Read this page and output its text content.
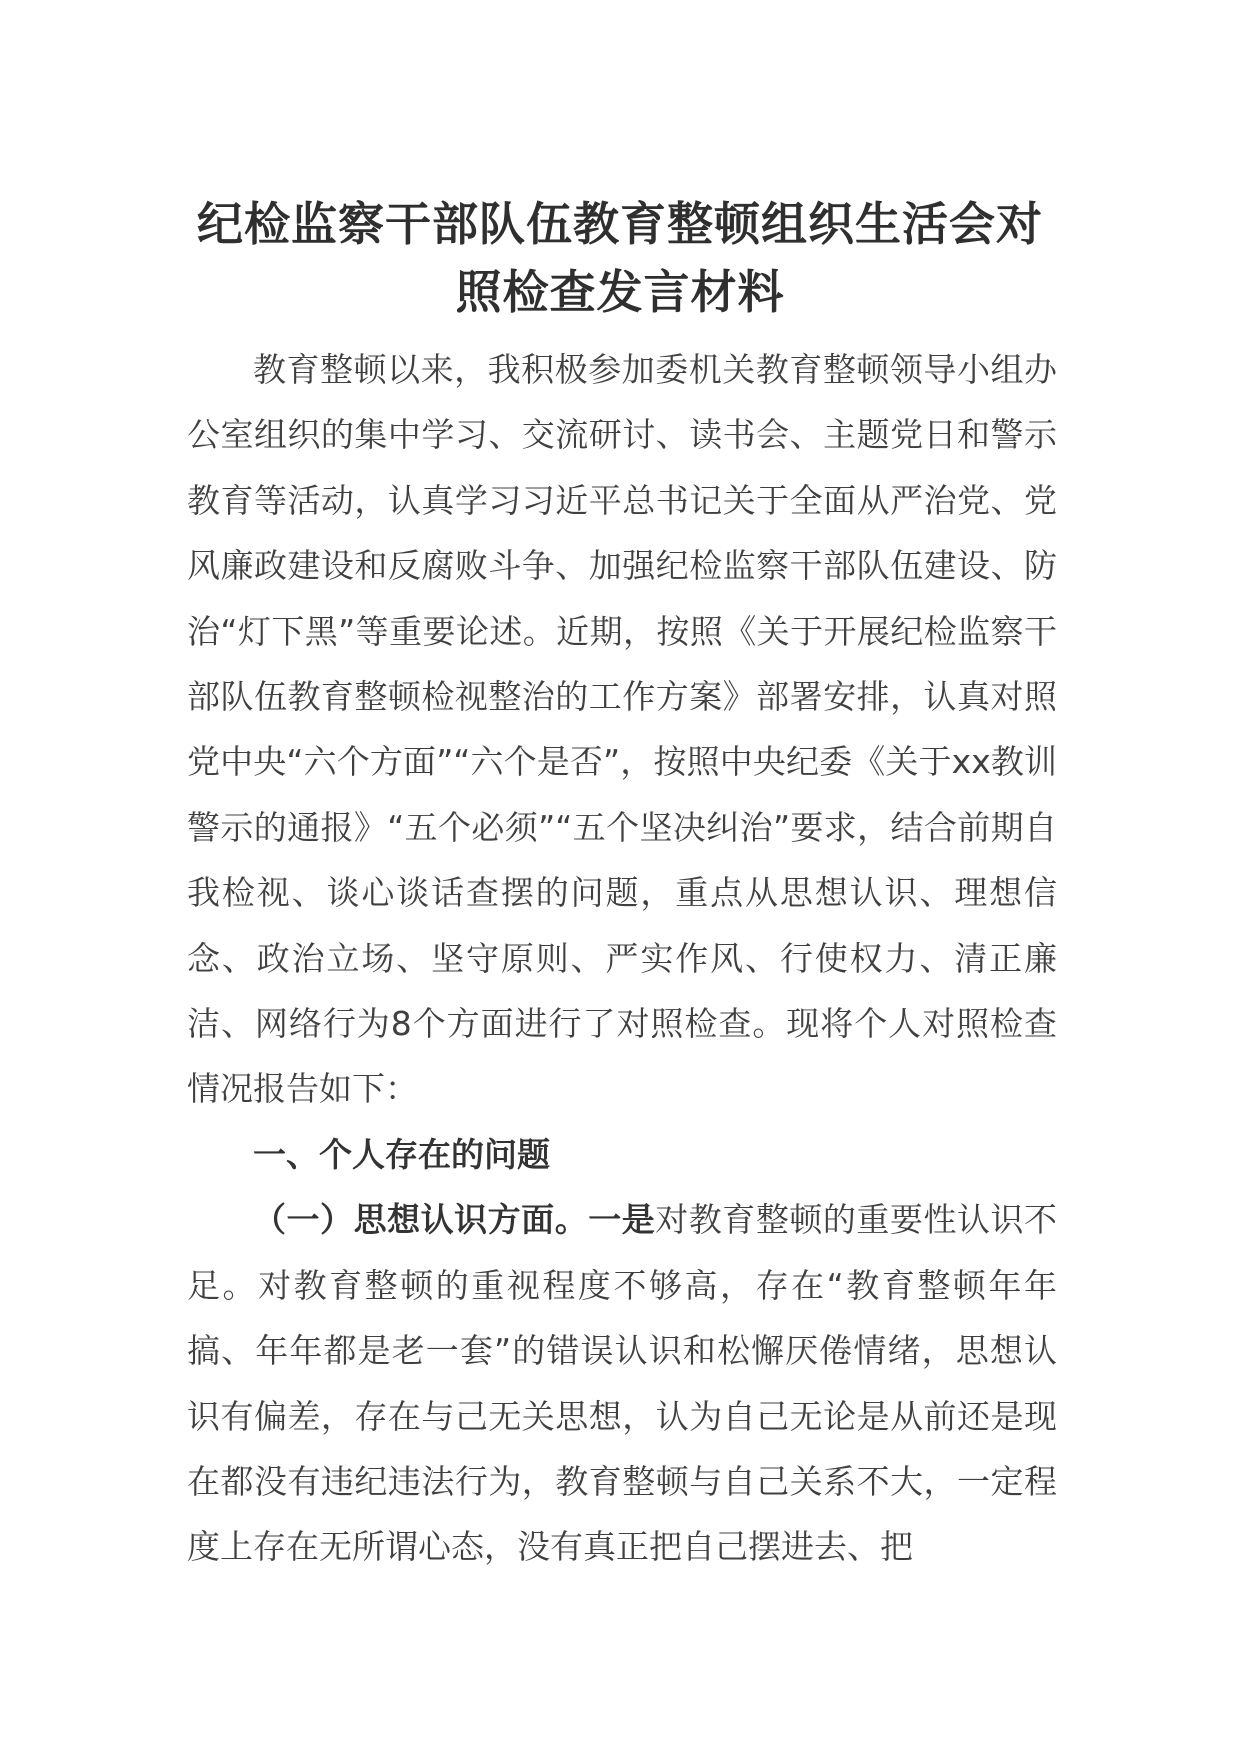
纪检监察干部队伍教育整顿组织生活会对照检查发言材料

教育整顿以来，我积极参加委机关教育整顿领导小组办公室组织的集中学习、交流研讨、读书会、主题党日和警示教育等活动，认真学习习近平总书记关于全面从严治党、党风廉政建设和反腐败斗争、加强纪检监察干部队伍建设、防治“灯下黑”等重要论述。近期，按照《关于开展纪检监察干部队伍教育整顿检视整治的工作方案》部署安排，认真对照党中央“六个方面”“六个是否”，按照中央纪委《关于xx教训警示的通报》“五个必须”“五个坚决纠治”要求，结合前期自我检视、谈心谈话查摆的问题，重点从思想认识、理想信念、政治立场、坚守原则、严实作风、行使权力、清正廉洁、网络行为8个方面进行了对照检查。现将个人对照检查情况报告如下：

一、个人存在的问题

（一）思想认识方面。一是对教育整顿的重要性认识不足。对教育整顿的重视程度不够高，存在“教育整顿年年搞、年年都是老一套”的错误认识和松懈厌倦情绪，思想认识有偏差，存在与己无关思想，认为自己无论是从前还是现在都没有违纪违法行为，教育整顿与自己关系不大，一定程度上存在无所谓心态，没有真正把自己摆进去、把
